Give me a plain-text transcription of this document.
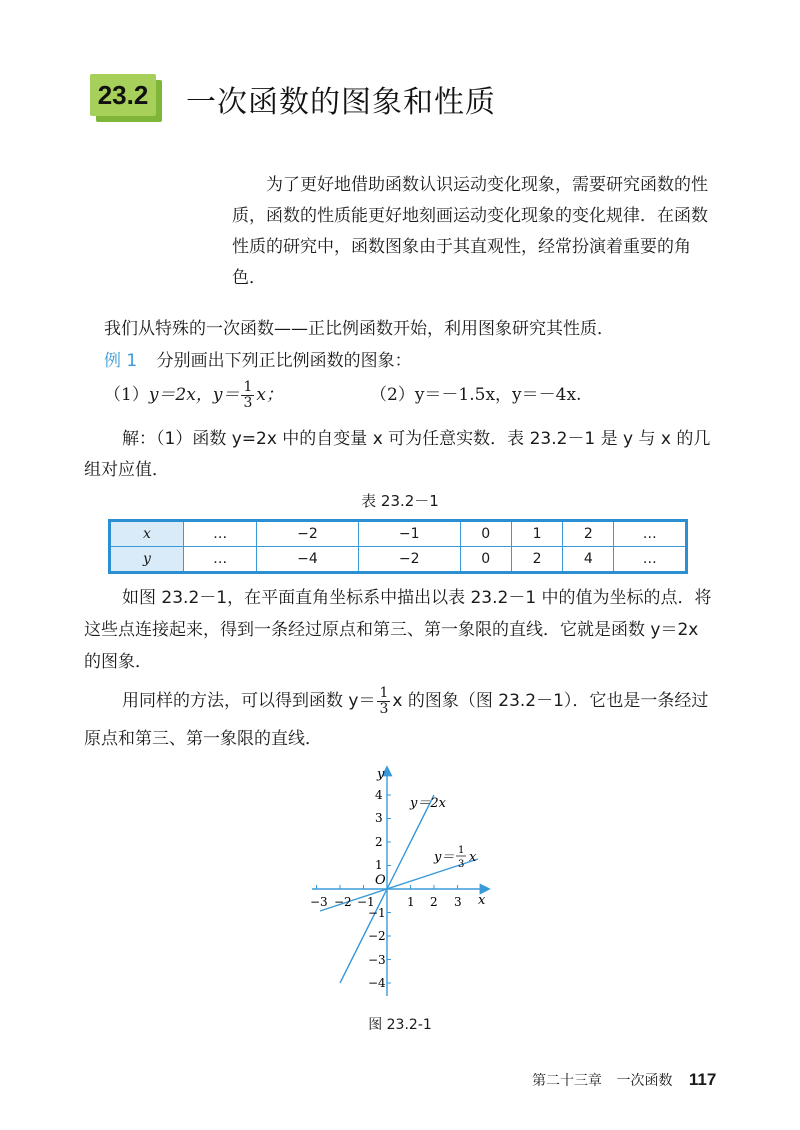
23.2 一次函数的图象和性质
为了更好地借助函数认识运动变化现象，需要研究函数的性质，函数的性质能更好地刻画运动变化现象的变化规律．在函数性质的研究中，函数图象由于其直观性，经常扮演着重要的角色．
我们从特殊的一次函数——正比例函数开始，利用图象研究其性质．
例 1 分别画出下列正比例函数的图象：
（1）y＝2x，$y= \frac{1}{3}$ x；	（2）y＝－1.5x，y＝－4x.
解：（1）函数 y=2x 中的自变量 x 可为任意实数．表 23.2－1 是 y 与 x 的几组对应值．
表 23.2－1
x	…	−2	−1	0	1	2	…
y	…	−4	−2	0	2	4	…
如图 23.2－1，在平面直角坐标系中描出以表 23.2－1 中的值为坐标的点．将这些点连接起来，得到一条经过原点和第三、第一象限的直线．它就是函数 y＝2x 的图象．
用同样的方法，可以得到函数 $y= \frac{1}{3}$ x 的图象（图 23.2－1）．它也是一条经过原点和第三、第一象限的直线．
y
x
O
y＝2x
y＝ 1
3 x
−3 −2 −1	1 2 3
4
3
2
1
−1
−2
−3
−4
图 23.2-1
第二十三章 一次函数 117
